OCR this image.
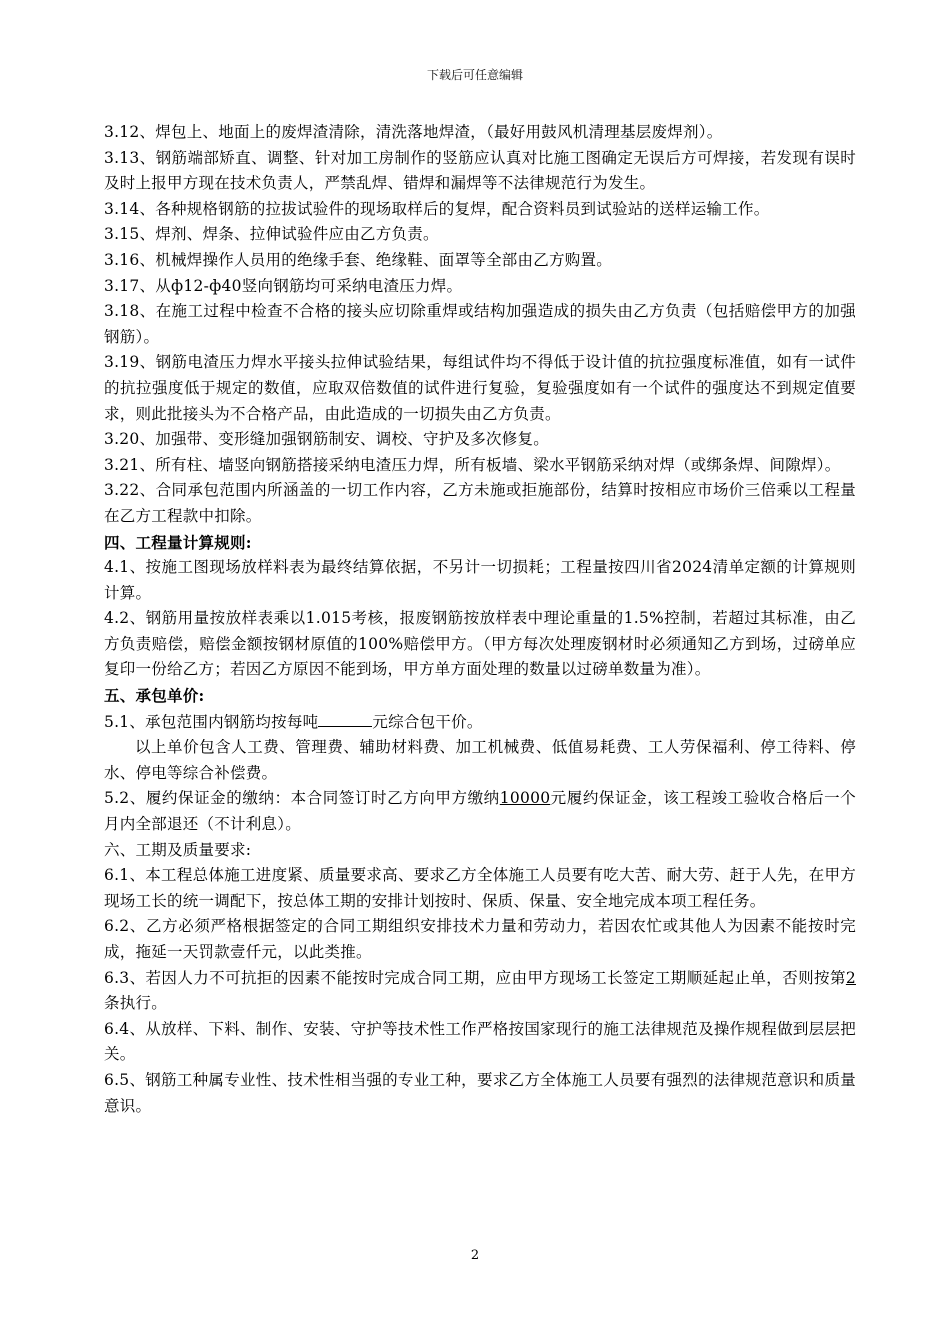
下载后可任意编辑

3.12、焊包上、地面上的废焊渣清除，清洗落地焊渣，（最好用鼓风机清理基层废焊剂）。

3.13、钢筋端部矫直、调整、针对加工房制作的竖筋应认真对比施工图确定无误后方可焊接，若发现有误时及时上报甲方现在技术负责人，严禁乱焊、错焊和漏焊等不法律规范行为发生。

3.14、各种规格钢筋的拉拔试验件的现场取样后的复焊，配合资料员到试验站的送样运输工作。

3.15、焊剂、焊条、拉伸试验件应由乙方负责。

3.16、机械焊操作人员用的绝缘手套、绝缘鞋、面罩等全部由乙方购置。

3.17、从ф12-ф40竖向钢筋均可采纳电渣压力焊。

3.18、在施工过程中检查不合格的接头应切除重焊或结构加强造成的损失由乙方负责（包括赔偿甲方的加强钢筋）。

3.19、钢筋电渣压力焊水平接头拉伸试验结果，每组试件均不得低于设计值的抗拉强度标准值，如有一试件的抗拉强度低于规定的数值，应取双倍数值的试件进行复验，复验强度如有一个试件的强度达不到规定值要求，则此批接头为不合格产品，由此造成的一切损失由乙方负责。

3.20、加强带、变形缝加强钢筋制安、调校、守护及多次修复。

3.21、所有柱、墙竖向钢筋搭接采纳电渣压力焊，所有板墙、梁水平钢筋采纳对焊（或绑条焊、间隙焊）。

3.22、合同承包范围内所涵盖的一切工作内容，乙方未施或拒施部份，结算时按相应市场价三倍乘以工程量在乙方工程款中扣除。

四、工程量计算规则:

4.1、按施工图现场放样料表为最终结算依据，不另计一切损耗；工程量按四川省2024清单定额的计算规则计算。

4.2、钢筋用量按放样表乘以1.015考核，报废钢筋按放样表中理论重量的1.5%控制，若超过其标准，由乙方负责赔偿，赔偿金额按钢材原值的100%赔偿甲方。（甲方每次处理废钢材时必须通知乙方到场，过磅单应复印一份给乙方；若因乙方原因不能到场，甲方单方面处理的数量以过磅单数量为准）。

五、承包单价:

5.1、承包范围内钢筋均按每吨	元综合包干价。

以上单价包含人工费、管理费、辅助材料费、加工机械费、低值易耗费、工人劳保福利、停工待料、停水、停电等综合补偿费。

5.2、履约保证金的缴纳：本合同签订时乙方向甲方缴纳10000元履约保证金，该工程竣工验收合格后一个月内全部退还（不计利息）。

六、工期及质量要求:

6.1、本工程总体施工进度紧、质量要求高、要求乙方全体施工人员要有吃大苦、耐大劳、赶于人先，在甲方现场工长的统一调配下，按总体工期的安排计划按时、保质、保量、安全地完成本项工程任务。

6.2、乙方必须严格根据签定的合同工期组织安排技术力量和劳动力，若因农忙或其他人为因素不能按时完成，拖延一天罚款壹仟元，以此类推。

6.3、若因人力不可抗拒的因素不能按时完成合同工期，应由甲方现场工长签定工期顺延起止单，否则按第2条执行。

6.4、从放样、下料、制作、安装、守护等技术性工作严格按国家现行的施工法律规范及操作规程做到层层把关。

6.5、钢筋工种属专业性、技术性相当强的专业工种，要求乙方全体施工人员要有强烈的法律规范意识和质量意识。

2
